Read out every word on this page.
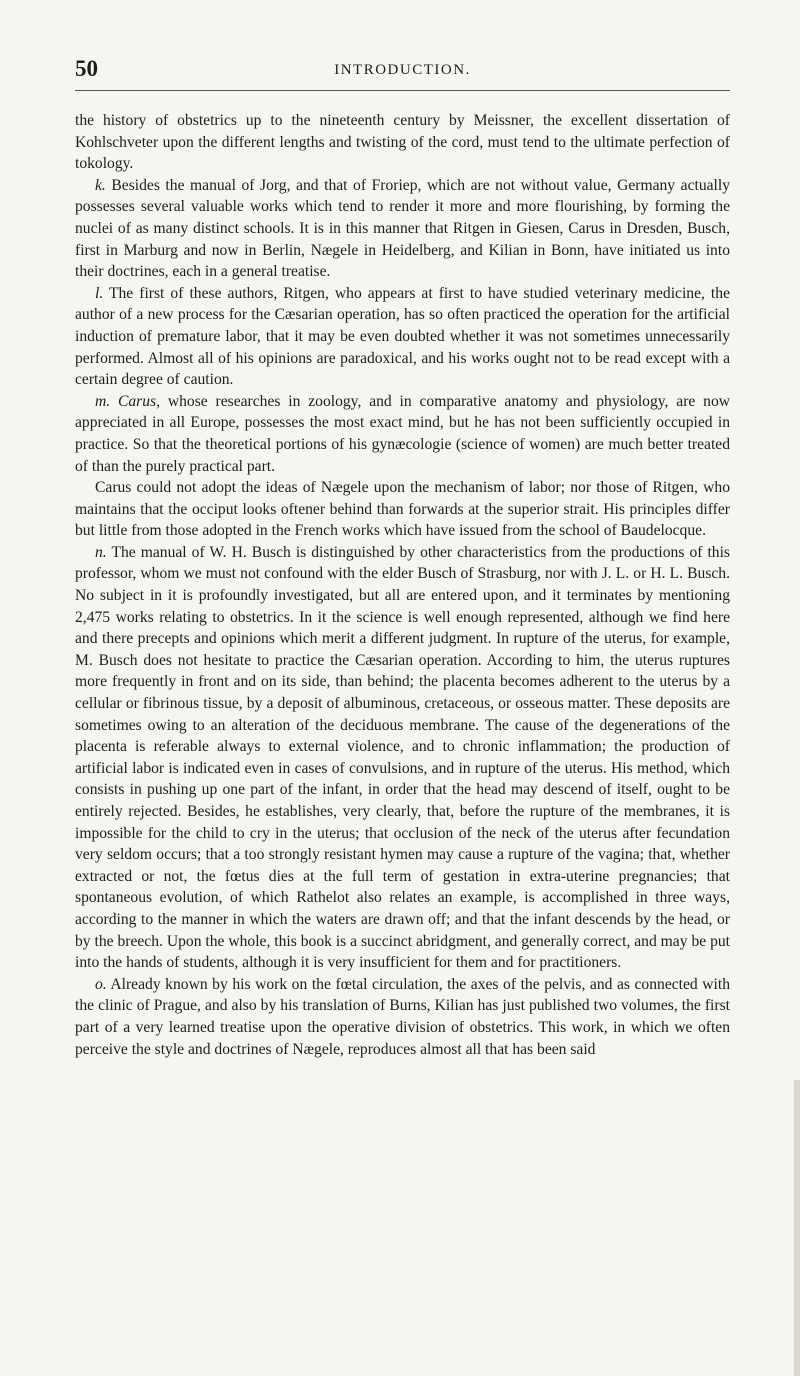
50	INTRODUCTION.

the history of obstetrics up to the nineteenth century by Meissner, the excellent dissertation of Kohlschveter upon the different lengths and twisting of the cord, must tend to the ultimate perfection of tokology.

k. Besides the manual of Jorg, and that of Froriep, which are not without value, Germany actually possesses several valuable works which tend to render it more and more flourishing, by forming the nuclei of as many distinct schools. It is in this manner that Ritgen in Giesen, Carus in Dresden, Busch, first in Marburg and now in Berlin, Nægele in Heidelberg, and Kilian in Bonn, have initiated us into their doctrines, each in a general treatise.

l. The first of these authors, Ritgen, who appears at first to have studied veterinary medicine, the author of a new process for the Cæsarian operation, has so often practiced the operation for the artificial induction of premature labor, that it may be even doubted whether it was not sometimes unnecessarily performed. Almost all of his opinions are paradoxical, and his works ought not to be read except with a certain degree of caution.

m. Carus, whose researches in zoology, and in comparative anatomy and physiology, are now appreciated in all Europe, possesses the most exact mind, but he has not been sufficiently occupied in practice. So that the theoretical portions of his gynæcologie (science of women) are much better treated of than the purely practical part.

Carus could not adopt the ideas of Nægele upon the mechanism of labor; nor those of Ritgen, who maintains that the occiput looks oftener behind than forwards at the superior strait. His principles differ but little from those adopted in the French works which have issued from the school of Baudelocque.

n. The manual of W. H. Busch is distinguished by other characteristics from the productions of this professor, whom we must not confound with the elder Busch of Strasburg, nor with J. L. or H. L. Busch. No subject in it is profoundly investigated, but all are entered upon, and it terminates by mentioning 2,475 works relating to obstetrics. In it the science is well enough represented, although we find here and there precepts and opinions which merit a different judgment. In rupture of the uterus, for example, M. Busch does not hesitate to practice the Cæsarian operation. According to him, the uterus ruptures more frequently in front and on its side, than behind; the placenta becomes adherent to the uterus by a cellular or fibrinous tissue, by a deposit of albuminous, cretaceous, or osseous matter. These deposits are sometimes owing to an alteration of the deciduous membrane. The cause of the degenerations of the placenta is referable always to external violence, and to chronic inflammation; the production of artificial labor is indicated even in cases of convulsions, and in rupture of the uterus. His method, which consists in pushing up one part of the infant, in order that the head may descend of itself, ought to be entirely rejected. Besides, he establishes, very clearly, that, before the rupture of the membranes, it is impossible for the child to cry in the uterus; that occlusion of the neck of the uterus after fecundation very seldom occurs; that a too strongly resistant hymen may cause a rupture of the vagina; that, whether extracted or not, the fœtus dies at the full term of gestation in extra-uterine pregnancies; that spontaneous evolution, of which Rathelot also relates an example, is accomplished in three ways, according to the manner in which the waters are drawn off; and that the infant descends by the head, or by the breech. Upon the whole, this book is a succinct abridgment, and generally correct, and may be put into the hands of students, although it is very insufficient for them and for practitioners.

o. Already known by his work on the fœtal circulation, the axes of the pelvis, and as connected with the clinic of Prague, and also by his translation of Burns, Kilian has just published two volumes, the first part of a very learned treatise upon the operative division of obstetrics. This work, in which we often perceive the style and doctrines of Nægele, reproduces almost all that has been said
